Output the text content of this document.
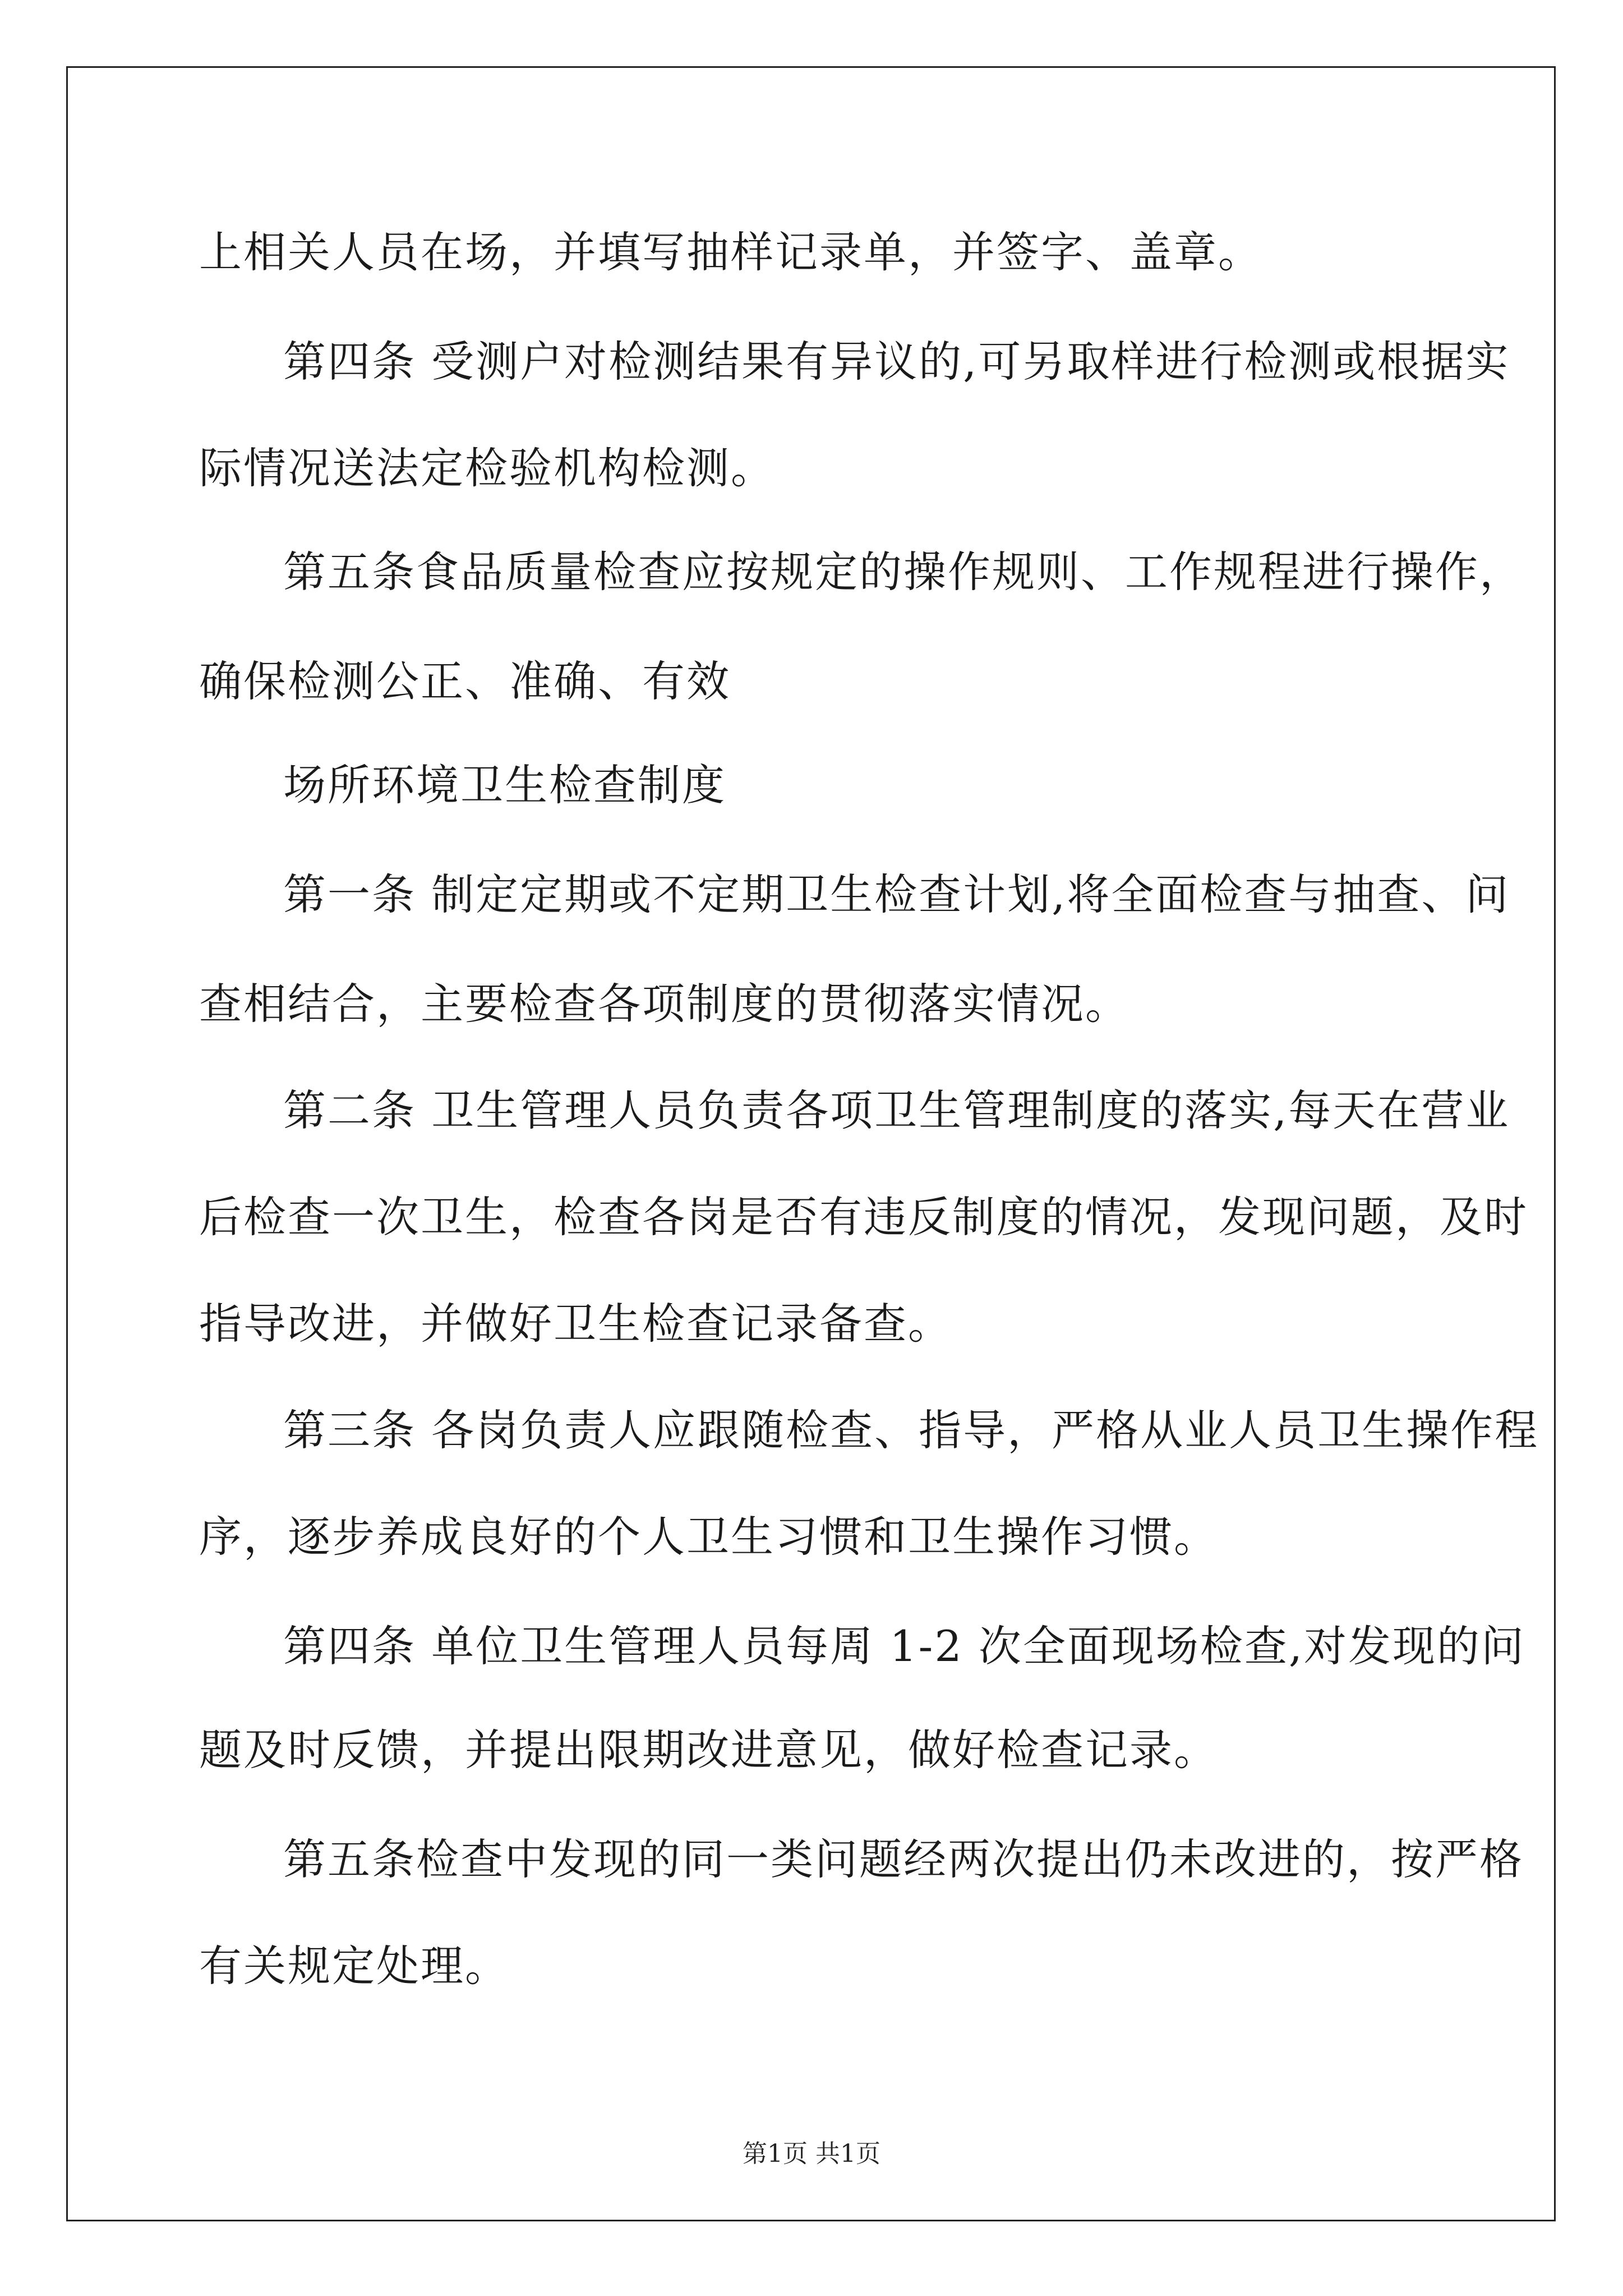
上相关人员在场，并填写抽样记录单，并签字、盖章。
第四条 受测户对检测结果有异议的,可另取样进行检测或根据实
际情况送法定检验机构检测。
第五条食品质量检查应按规定的操作规则、工作规程进行操作，
确保检测公正、准确、有效
场所环境卫生检查制度
第一条 制定定期或不定期卫生检查计划,将全面检查与抽查、问
查相结合，主要检查各项制度的贯彻落实情况。
第二条 卫生管理人员负责各项卫生管理制度的落实,每天在营业
后检查一次卫生，检查各岗是否有违反制度的情况，发现问题，及时
指导改进，并做好卫生检查记录备查。
第三条 各岗负责人应跟随检查、指导，严格从业人员卫生操作程
序，逐步养成良好的个人卫生习惯和卫生操作习惯。
第四条 单位卫生管理人员每周 1-2 次全面现场检查,对发现的问
题及时反馈，并提出限期改进意见，做好检查记录。
第五条检查中发现的同一类问题经两次提出仍未改进的，按严格
有关规定处理。
第1页 共1页
